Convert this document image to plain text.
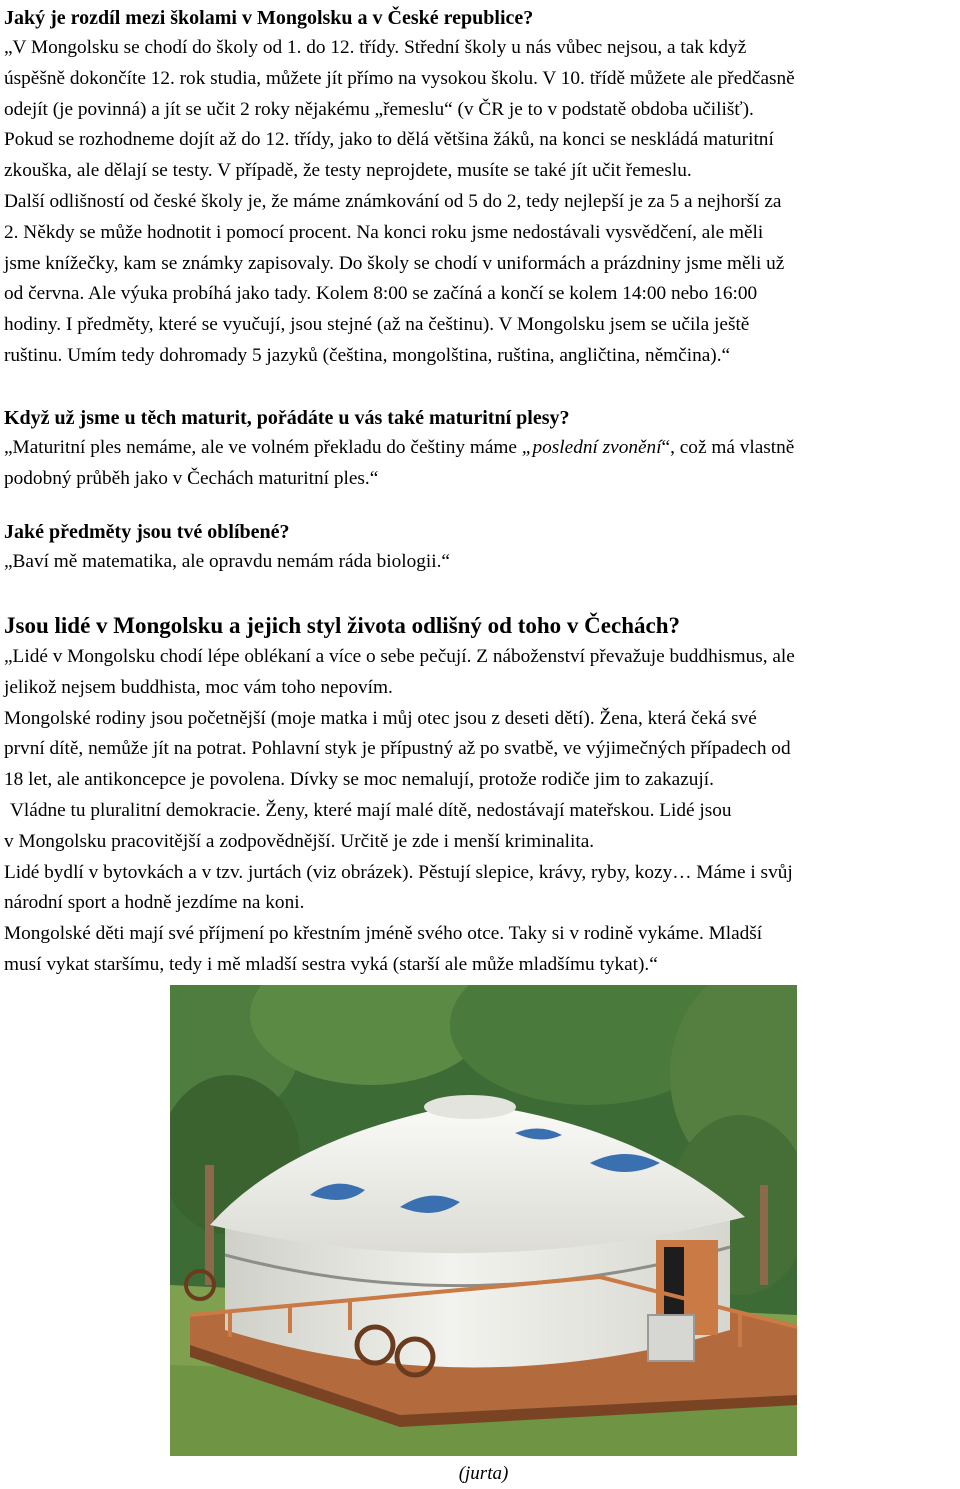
Jaký je rozdíl mezi školami v Mongolsku a v České republice?
„V Mongolsku se chodí do školy od 1. do 12. třídy. Střední školy u nás vůbec nejsou, a tak když
úspěšně dokončíte 12. rok studia, můžete jít přímo na vysokou školu. V 10. třídě můžete ale předčasně
odejít (je povinná) a jít se učit 2 roky nějakému „řemeslu“ (v ČR je to v podstatě obdoba učilišť).
Pokud se rozhodneme dojít až do 12. třídy, jako to dělá většina žáků, na konci se neskládá maturitní
zkouška, ale dělají se testy. V případě, že testy neprojdete, musíte se také jít učit řemeslu.
Další odlišností od české školy je, že máme známkování od 5 do 2, tedy nejlepší je za 5 a nejhorší za
2. Někdy se může hodnotit i pomocí procent. Na konci roku jsme nedostávali vysvědčení, ale měli
jsme knížečky, kam se známky zapisovaly. Do školy se chodí v uniformách a prázdniny jsme měli už
od června. Ale výuka probíhá jako tady. Kolem 8:00 se začíná a končí se kolem 14:00 nebo 16:00
hodiny. I předměty, které se vyučují, jsou stejné (až na češtinu). V Mongolsku jsem se učila ještě
ruštinu. Umím tedy dohromady 5 jazyků (čeština, mongolština, ruština, angličtina, němčina).“
Když už jsme u těch maturit, pořádáte u vás také maturitní plesy?
„Maturitní ples nemáme, ale ve volném překladu do češtiny máme „poslední zvonění“, což má vlastně
podobný průběh jako v Čechách maturitní ples.“
Jaké předměty jsou tvé oblíbené?
„Baví mě matematika, ale opravdu nemám ráda biologii.“
Jsou lidé v Mongolsku a jejich styl života odlišný od toho v Čechách?
„Lidé v Mongolsku chodí lépe oblékaní a více o sebe pečují. Z náboženství převažuje buddhismus, ale
jelikož nejsem buddhista, moc vám toho nepovím.
Mongolské rodiny jsou početnější (moje matka i můj otec jsou z deseti dětí). Žena, která čeká své
první dítě, nemůže jít na potrat. Pohlavní styk je přípustný až po svatbě, ve výjimečných případech od
18 let, ale antikoncepce je povolena. Dívky se moc nemalují, protože rodiče jim to zakazují.
Vládne tu pluralitní demokracie. Ženy, které mají malé dítě, nedostávají mateřskou. Lidé jsou
v Mongolsku pracovitější a zodpovědnější. Určitě je zde i menší kriminalita.
Lidé bydlí v bytovkách a v tzv. jurtách (viz obrázek). Pěstují slepice, krávy, ryby, kozy… Máme i svůj
národní sport a hodně jezdíme na koni.
Mongolské děti mají své příjmení po křestním jméně svého otce. Taky si v rodině vykáme. Mladší
musí vykat staršímu, tedy i mě mladší sestra vyká (starší ale může mladšímu tykat).“
(jurta)
